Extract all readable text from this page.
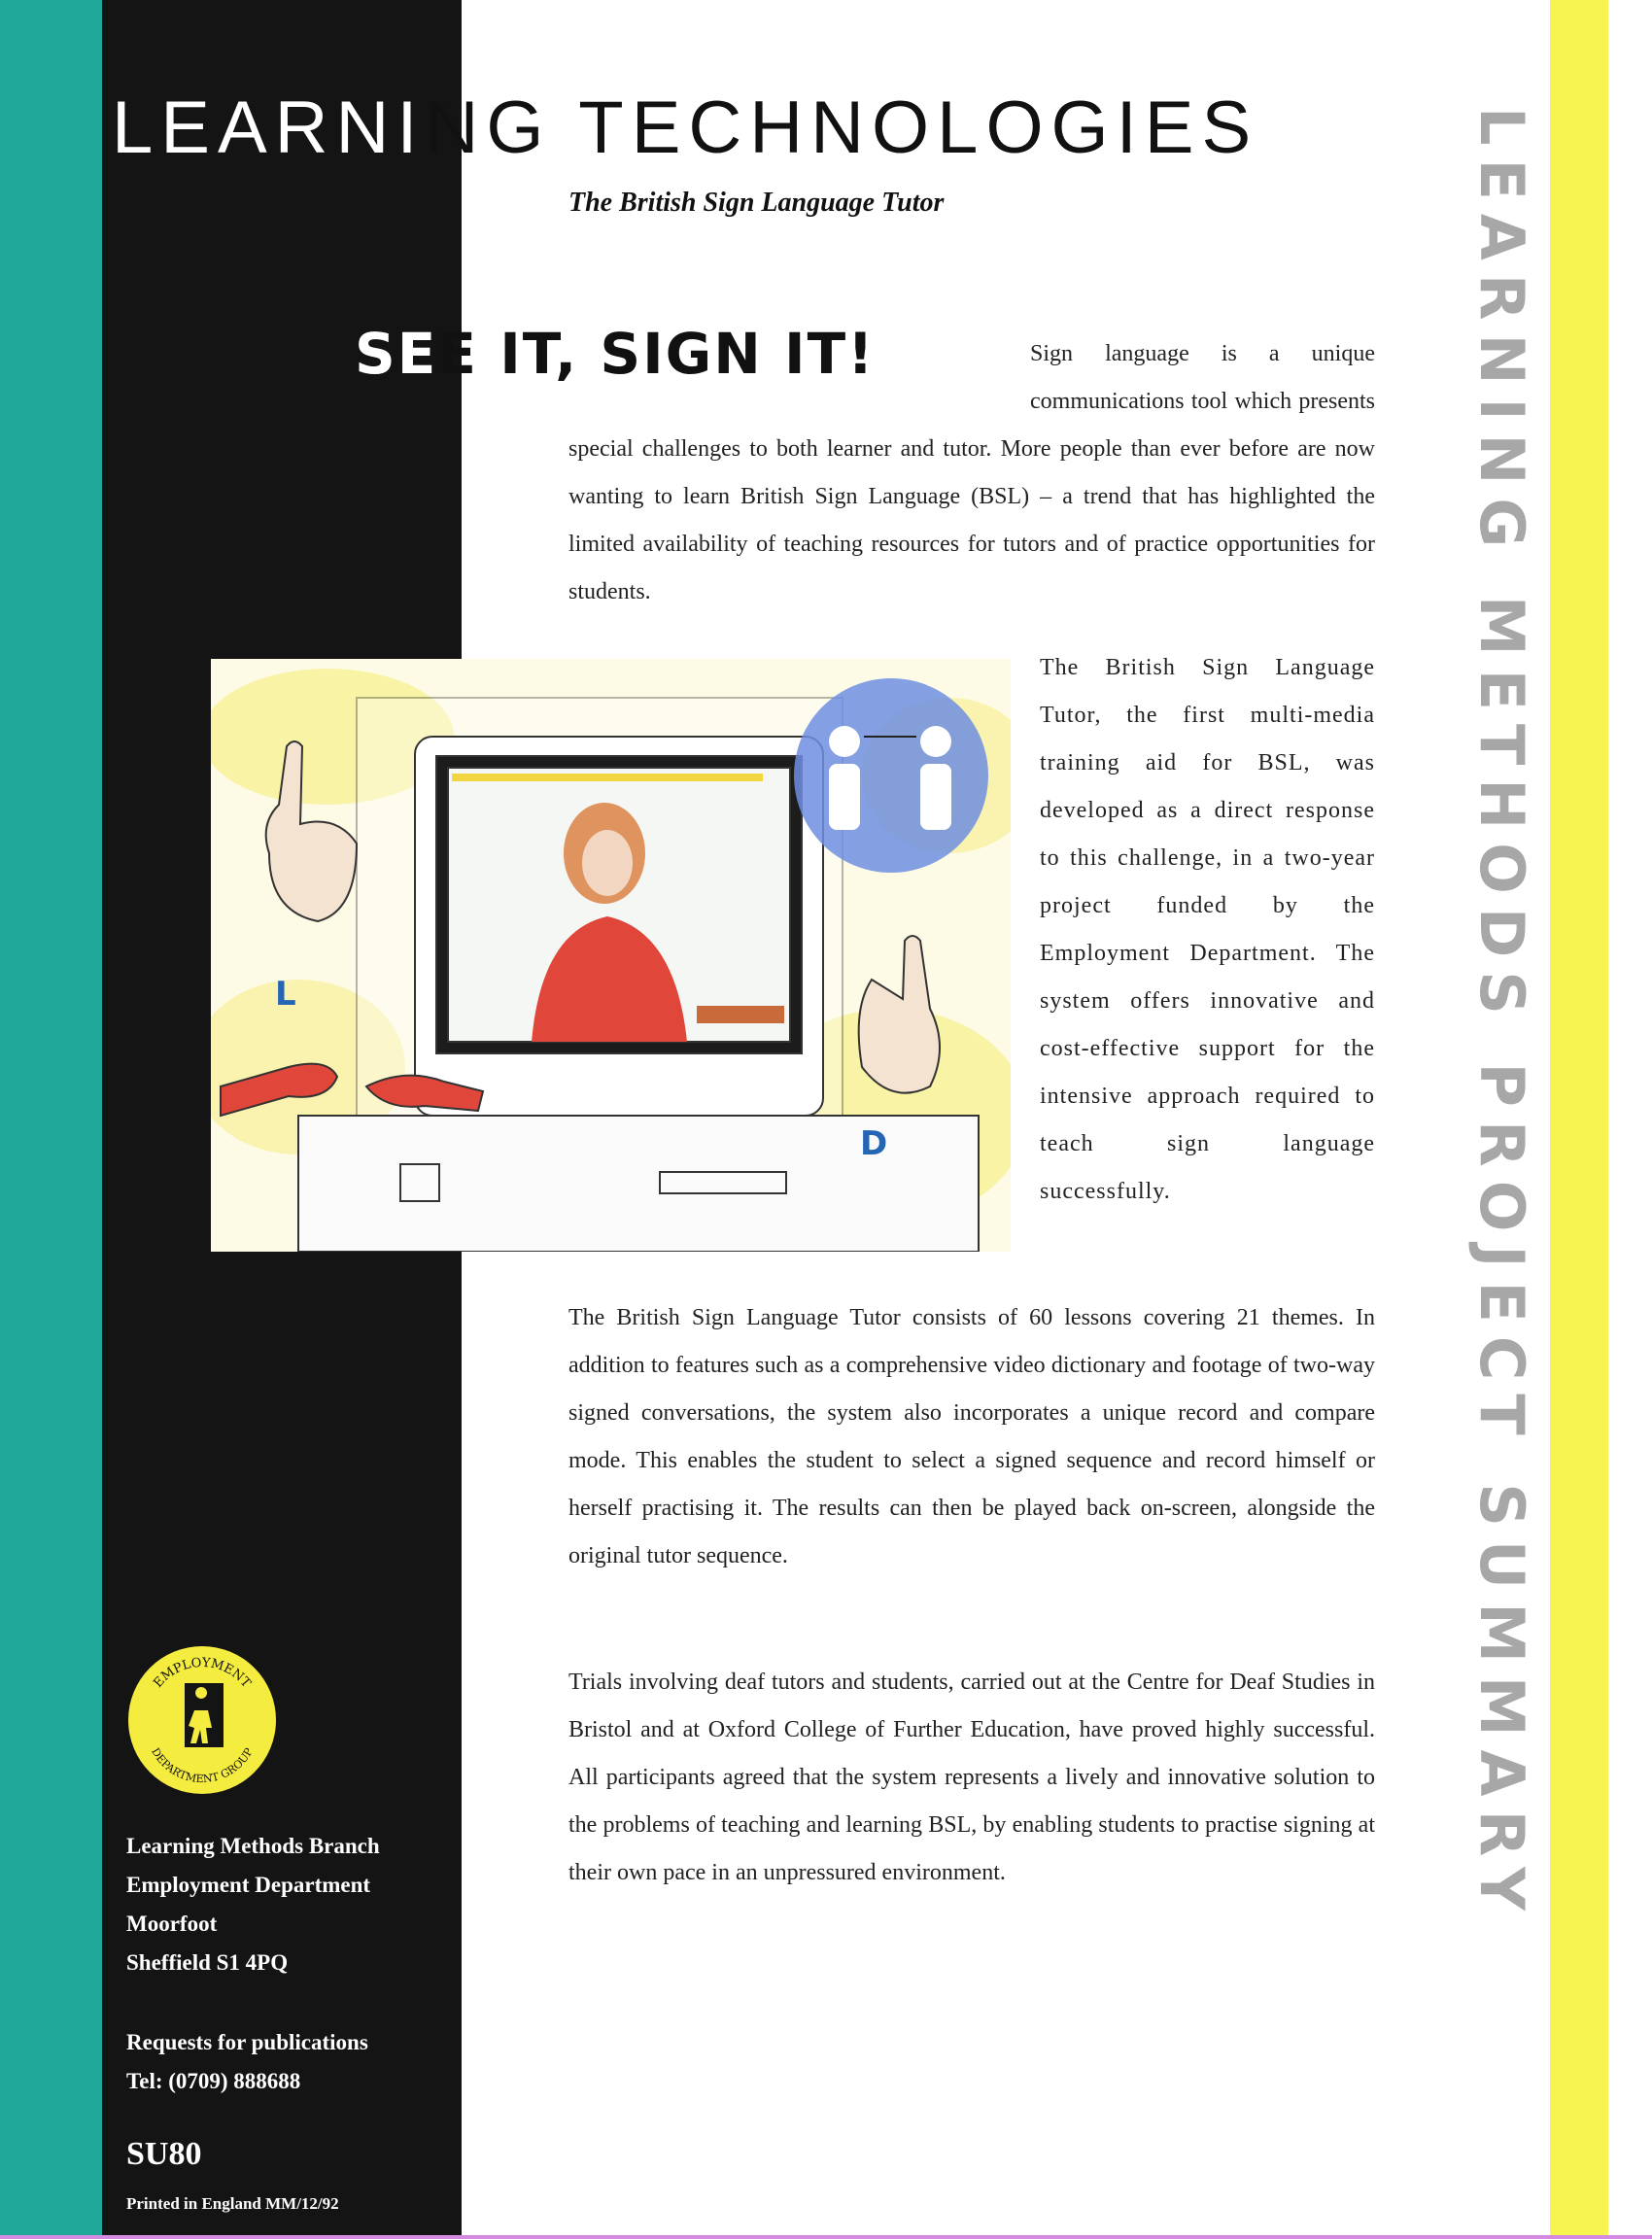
LEARNING TECHNOLOGIES

The British Sign Language Tutor

SEE IT, SIGN IT!	Sign language is a unique communications tool which presents special challenges to both learner and tutor. More people than ever before are now wanting to learn British Sign Language (BSL) – a trend that has highlighted the limited availability of teaching resources for tutors and of practice opportunities for students.
L
D

The British Sign Language Tutor, the first multi-media training aid for BSL, was developed as a direct response to this challenge, in a two-year project funded by the Employment Department. The system offers innovative and cost-effective support for the intensive approach required to teach sign language successfully.

The British Sign Language Tutor consists of 60 lessons covering 21 themes. In addition to features such as a comprehensive video dictionary and footage of two-way signed conversations, the system also incorporates a unique record and compare mode. This enables the student to select a signed sequence and record himself or herself practising it. The results can then be played back on-screen, alongside the original tutor sequence.

Trials involving deaf tutors and students, carried out at the Centre for Deaf Studies in Bristol and at Oxford College of Further Education, have proved highly successful. All participants agreed that the system represents a lively and innovative solution to the problems of teaching and learning BSL, by enabling students to practise signing at their own pace in an unpressured environment.

EMPLOYMENT
DEPARTMENT GROUP
Learning Methods Branch
Employment Department
Moorfoot
Sheffield S1 4PQ
Requests for publications
Tel: (0709) 888688

SU80

Printed in England MM/12/92

LEARNING METHODS PROJECT SUMMARY
